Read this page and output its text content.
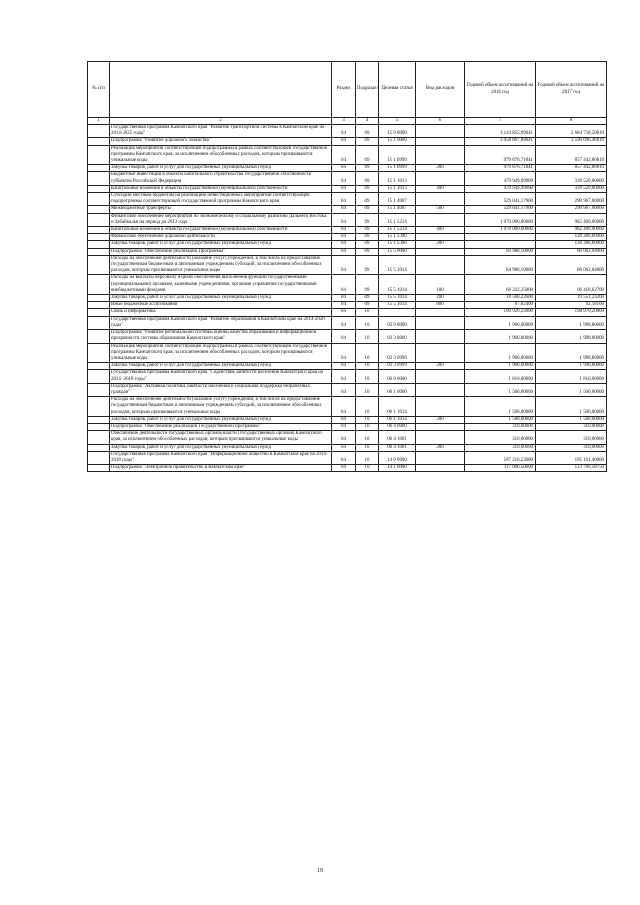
№ п/п		Раздел	Подраздел	Целевая статья	Вид расходов	Годовой объем ассигнований на 2016 год	Годовой объем ассигнований на 2017 год
1	2	3	4	5	6	7	8
	Государственная программа Камчатского края "Развитие транспортной системы в Камчатском крае на 2014-2025 годы"	04	09	15 0 0000		3 143 855,99041	2 684 758,50810
	Подпрограмма "Развитие дорожного хозяйства"	04	09	15 1 0000		3 058 867,89041	2 596 696,46810
	Реализация мероприятий соответствующей подпрограммы в рамках соответствующей государственной программы Камчатского края, за исключением обособленных расходов, которым присваиваются уникальные коды	04	09	15 1 0999		979 876,71841	857 442,86810
	Закупка товаров, работ и услуг для государственных (муниципальных) нужд	04	09	15 1 0999	200	979 876,71841	857 442,86810
	Бюджетные инвестиции в объекты капитального строительства государственной собственности субъектов Российской Федерации	04	09	15 1 1013		479 949,99900	339 520,00000
	Капитальные вложения в объекты государственной (муниципальной) собственности	04	09	15 1 1013	400	479 949,99900	339 520,00000
	Субсидии местным бюджетам на реализацию инвестиционных мероприятий соответствующей подпрограммы соответствующей государственной программы Камчатского края	04	09	15 1 4007		529 041,17900	290 967,00000
	Межбюджетные трансферты	04	09	15 1 4007	500	529 041,17900	290 967,00000
	Финансовое обеспечение мероприятий по экономическому и социальному развитию Дальнего Востока и Забайкалья на период до 2013 года	04	09	15 1 5214		1 070 000,00000	982 400,00000
	Капитальные вложения в объекты государственной (муниципальной) собственности	04	09	15 1 5214	400	1 070 000,00000	982 400,00000
	Финансовое обеспечение дорожной деятельности	04	09	15 1 5390			128 366,60000
	Закупка товаров, работ и услуг для государственных (муниципальных) нужд	04	09	15 1 5390	200		128 366,60000
	Подпрограмма "Обеспечение реализации Программы"	04	09	15 5 0000		84 988,10000	86 062,04000
	Расходы на обеспечение деятельности (оказание услуг) учреждений, в том числе на предоставление государственным бюджетным и автономным учреждениям субсидий, за исключением обособленных расходов, которым присваиваются уникальные коды	04	09	15 5 1014		84 988,10000	86 062,04000
	Расходы на выплаты персоналу в целях обеспечения выполнения функций государственными (муниципальными) органами, казенными учреждениями, органами управления государственными внебюджетными фондами	04	09	15 5 1014	100	66 332,25000	66 418,62700
	Закупка товаров, работ и услуг для государственных (муниципальных) нужд	04	09	15 5 1014	200	18 568,22600	19 551,23200
	Иные бюджетные ассигнования	04	09	15 5 1014	800	87,62400	92,18100
	Связь и информатика	04	10			190 920,23000	198 970,20000
	Государственная программа Камчатского края "Развитие образования в Камчатском крае на 2014-2020 годы"	04	10	02 0 0000		1 900,00000	1 998,80000
	Подпрограмма "Развитие региональной системы оценки качества образования и информационной прозрачности системы образования Камчатского края"	04	10	02 3 0000		1 900,00000	1 998,80000
	Реализация мероприятий соответствующей подпрограммы в рамках соответствующей государственной программы Камчатского края, за исключением обособленных расходов, которым присваиваются уникальные коды	04	10	02 3 0999		1 900,00000	1 998,80000
	Закупка товаров, работ и услуг для государственных (муниципальных) нужд	04	10	02 3 0999	200	1 900,00000	1 998,80000
	Государственная программа Камчатского края "Содействие занятости населения Камчатского края на 2014 -2018 годы"	04	10	06 0 0000		1 810,00000	1 810,00000
	Подпрограмма "Активная политика занятости населения и социальная поддержка безработных граждан"	04	10	06 1 0000		1 500,00000	1 500,00000
	Расходы на обеспечение деятельности (оказание услуг) учреждений, в том числе на предоставление государственным бюджетным и автономным учреждениям субсидий, за исключением обособленных расходов, которым присваиваются уникальные коды	04	10	06 1 1014		1 500,00000	1 500,00000
	Закупка товаров, работ и услуг для государственных (муниципальных) нужд	04	10	06 1 1014	200	1 500,00000	1 500,00000
	Подпрограмма "Обеспечение реализации Государственной программы"	04	10	06 4 0000		310,00000	310,00000
	Обеспечение деятельности государственных органов власти (государственных органов) Камчатского края, за исключением обособленных расходов, которым присваиваются уникальные коды	04	10	06 4 1001		310,00000	310,00000
	Закупка товаров, работ и услуг для государственных (муниципальных) нужд	04	10	06 4 1001	200	310,00000	310,00000
	Государственная программа Камчатского края "Информационное общество в Камчатском крае на 2014-2018 годы"	04	10	14 0 0000		187 210,23000	195 161,40000
	Подпрограмма "Электронное правительство в Камчатском крае"	04	10	14 1 0000		117 006,50000	123 700,58750
19
